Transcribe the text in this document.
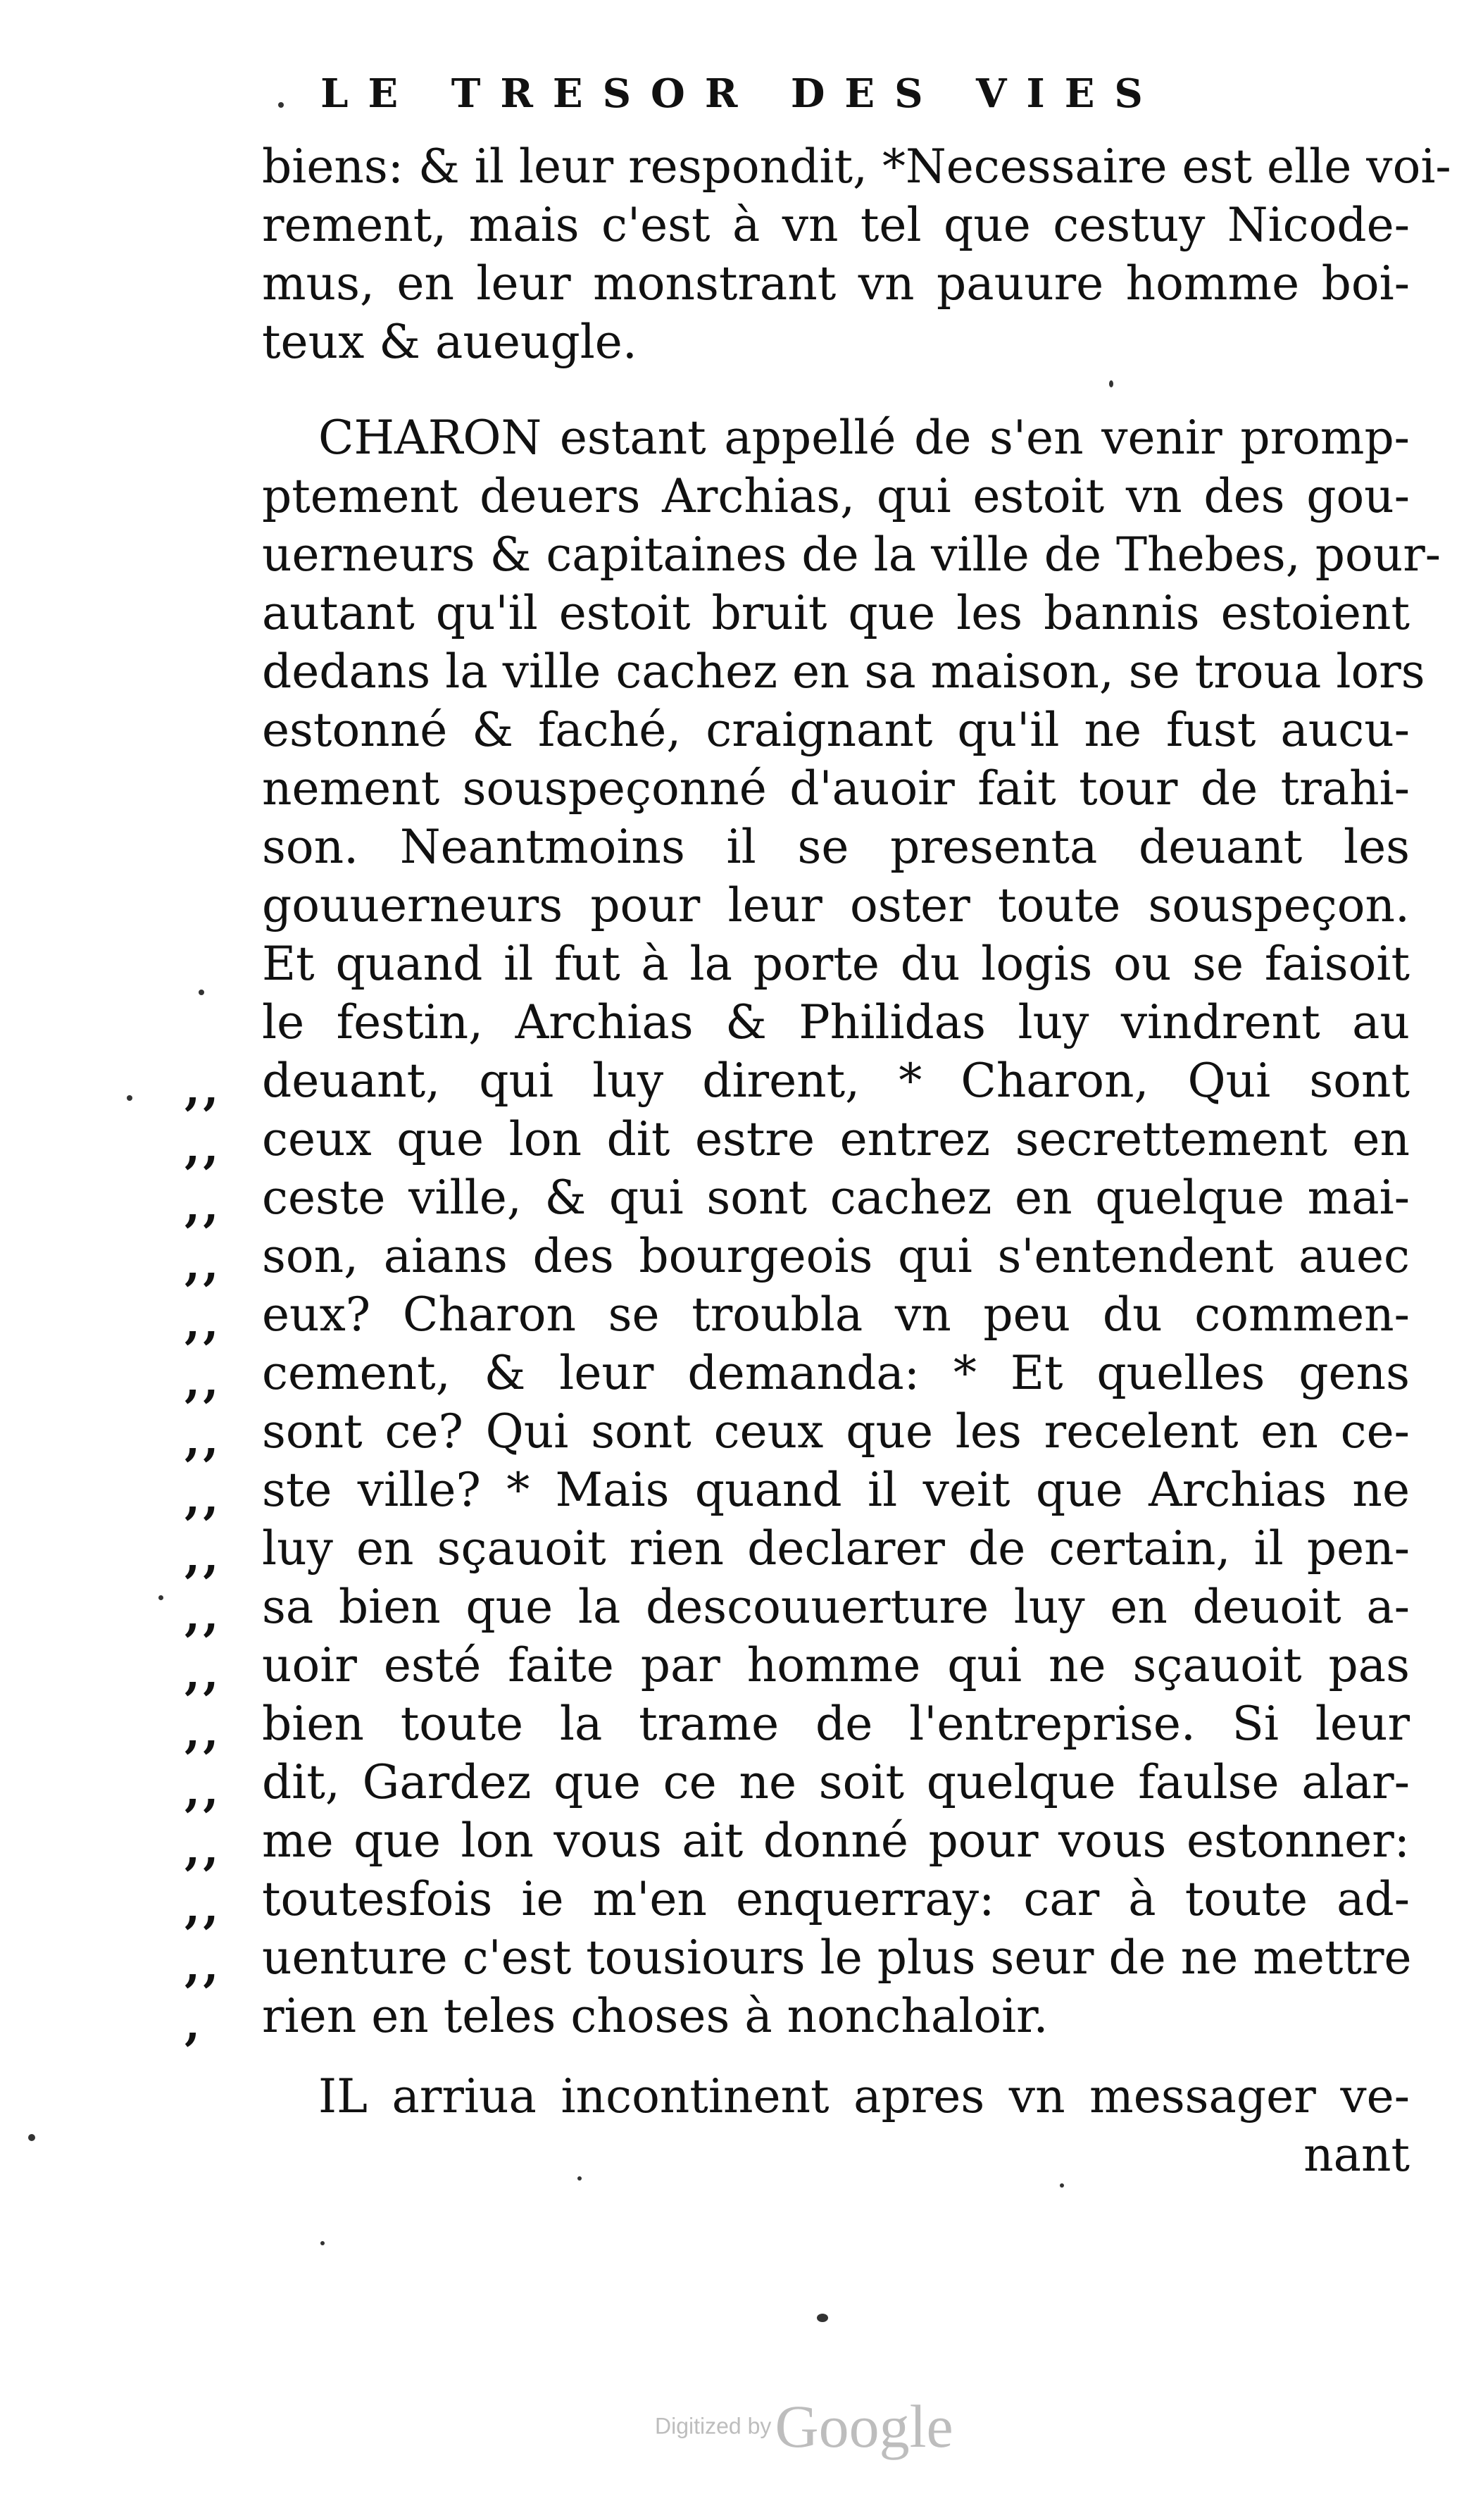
LE TRESOR DES VIES
biens: & il leur respondit, *Necessaire est elle voi-
rement, mais c'est à vn tel que cestuy Nicode-
mus, en leur monstrant vn pauure homme boi-
teux & aueugle.
CHARON estant appellé de s'en venir promp-
ptement deuers Archias, qui estoit vn des gou-
uerneurs & capitaines de la ville de Thebes, pour-
autant qu'il estoit bruit que les bannis estoient
dedans la ville cachez en sa maison, se troua lors
estonné & faché, craignant qu'il ne fust aucu-
nement souspeçonné d'auoir fait tour de trahi-
son. Neantmoins il se presenta deuant les
gouuerneurs pour leur oster toute souspeçon.
Et quand il fut à la porte du logis ou se faisoit
le festin, Archias & Philidas luy vindrent au
deuant, qui luy dirent, * Charon, Qui sont
ceux que lon dit estre entrez secrettement en
ceste ville, & qui sont cachez en quelque mai-
son, aians des bourgeois qui s'entendent auec
eux? Charon se troubla vn peu du commen-
cement, & leur demanda: * Et quelles gens
sont ce? Qui sont ceux que les recelent en ce-
ste ville? * Mais quand il veit que Archias ne
luy en sçauoit rien declarer de certain, il pen-
sa bien que la descouuerture luy en deuoit a-
uoir esté faite par homme qui ne sçauoit pas
bien toute la trame de l'entreprise. Si leur
dit, Gardez que ce ne soit quelque faulse alar-
me que lon vous ait donné pour vous estonner:
toutesfois ie m'en enquerray: car à toute ad-
uenture c'est tousiours le plus seur de ne mettre
rien en teles choses à nonchaloir.
,,
,,
,,
,,
,,
,,
,,
,,
,,
,,
,,
,,
,,
,,
,,
,,
,
IL arriua incontinent apres vn messager ve-
nant
Digitized by Google
